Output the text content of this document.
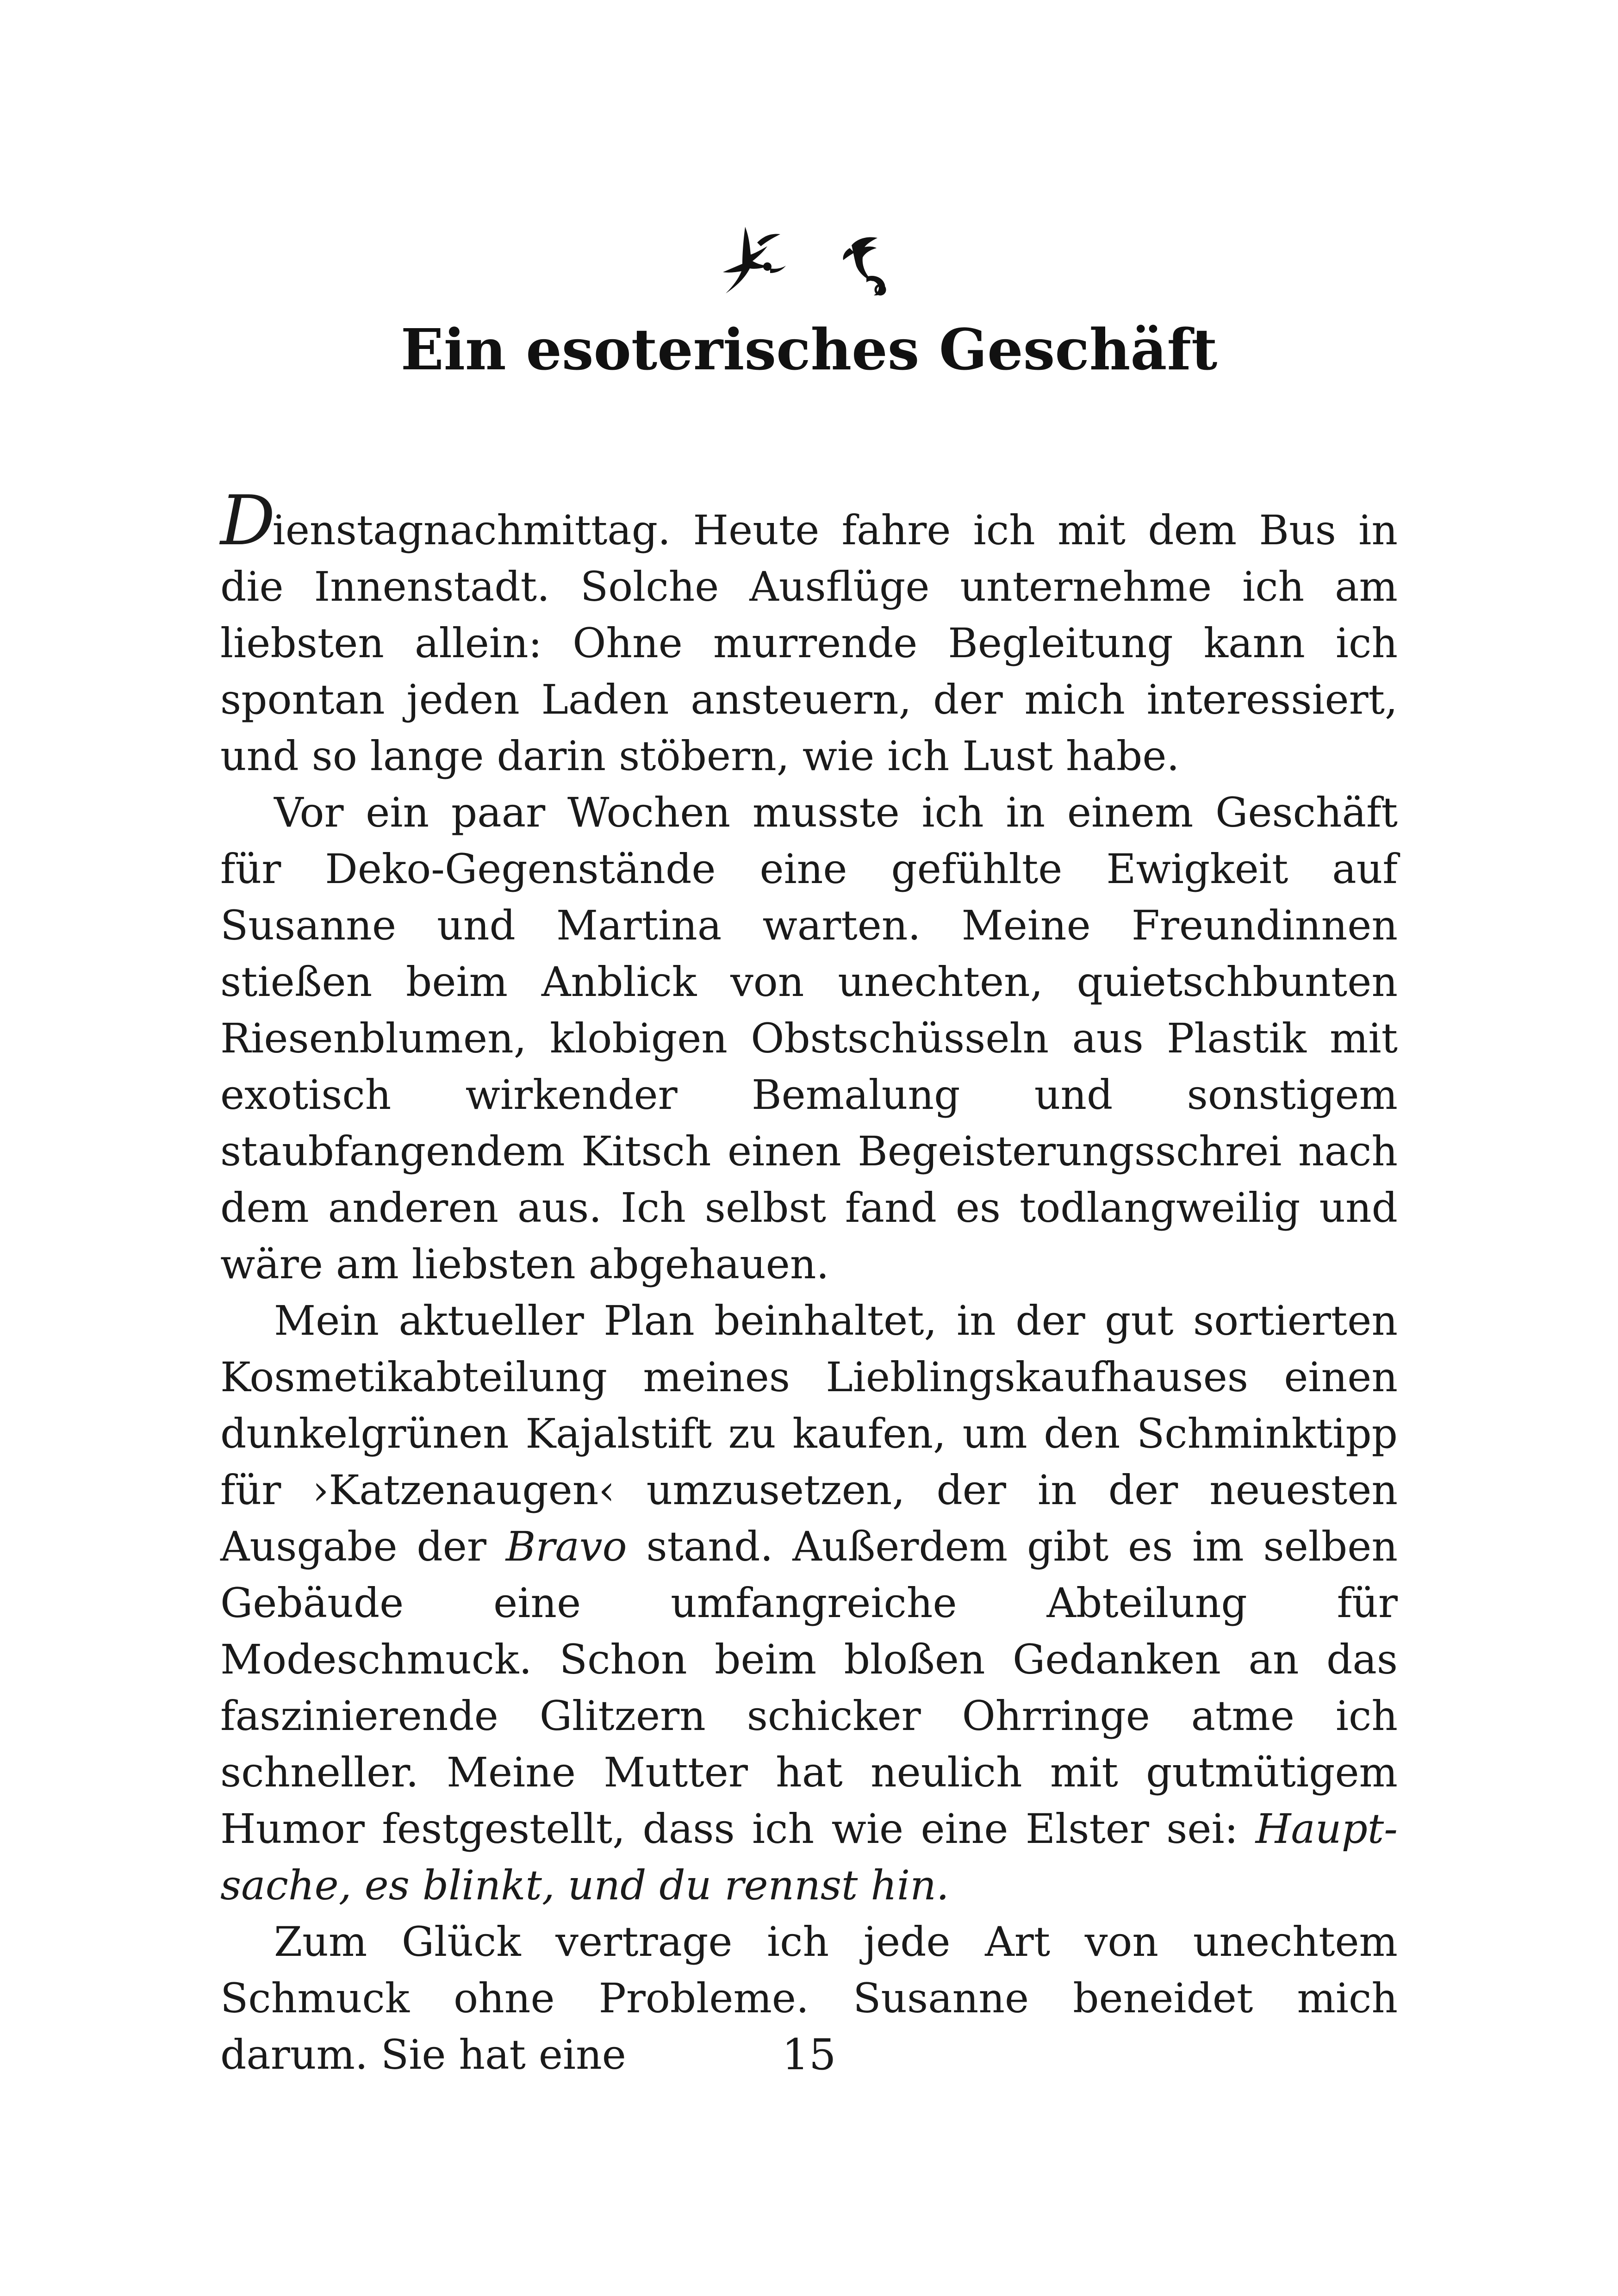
Ein esoterisches Geschäft

Dienstagnachmittag. Heute fahre ich mit dem Bus in die Innenstadt. Solche Ausflüge unternehme ich am liebsten allein: Ohne murrende Begleitung kann ich spontan jeden Laden ansteuern, der mich interessiert, und so lange darin stöbern, wie ich Lust habe.

Vor ein paar Wochen musste ich in einem Geschäft für Deko-Gegenstände eine gefühlte Ewigkeit auf Susanne und Martina warten. Meine Freundinnen stießen beim Anblick von unechten, quietschbunten Riesenblumen, klobigen Obstschüsseln aus Plastik mit exotisch wirkender Bemalung und sonstigem staubfangendem Kitsch einen Begeisterungsschrei nach dem anderen aus. Ich selbst fand es todlangweilig und wäre am liebsten abgehauen.

Mein aktueller Plan beinhaltet, in der gut sortierten Kosmetikabteilung meines Lieblingskaufhauses einen dunkelgrünen Kajalstift zu kaufen, um den Schminktipp für ›Katzenaugen‹ umzusetzen, der in der neuesten Ausgabe der Bravo stand. Außerdem gibt es im selben Gebäude eine umfangreiche Abteilung für Modeschmuck. Schon beim bloßen Gedanken an das faszinierende Glitzern schicker Ohrringe atme ich schneller. Meine Mutter hat neulich mit gutmütigem Humor festgestellt, dass ich wie eine Elster sei: Hauptsache, es blinkt, und du rennst hin.

Zum Glück vertrage ich jede Art von unechtem Schmuck ohne Probleme. Susanne beneidet mich darum. Sie hat eine	15
